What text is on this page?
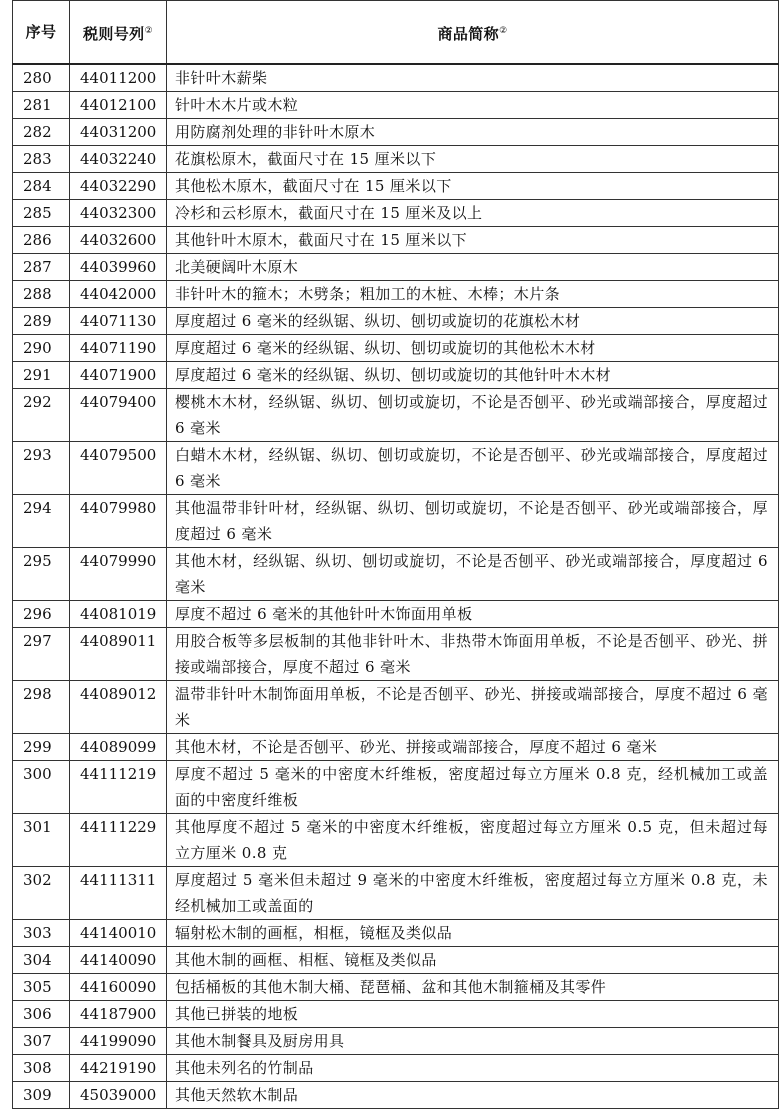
序号	税则号列②	商品简称②
280	44011200	非针叶木薪柴
281	44012100	针叶木木片或木粒
282	44031200	用防腐剂处理的非针叶木原木
283	44032240	花旗松原木，截面尺寸在 15 厘米以下
284	44032290	其他松木原木，截面尺寸在 15 厘米以下
285	44032300	冷杉和云杉原木，截面尺寸在 15 厘米及以上
286	44032600	其他针叶木原木，截面尺寸在 15 厘米以下
287	44039960	北美硬阔叶木原木
288	44042000	非针叶木的箍木；木劈条；粗加工的木桩、木棒；木片条
289	44071130	厚度超过 6 毫米的经纵锯、纵切、刨切或旋切的花旗松木材
290	44071190	厚度超过 6 毫米的经纵锯、纵切、刨切或旋切的其他松木木材
291	44071900	厚度超过 6 毫米的经纵锯、纵切、刨切或旋切的其他针叶木木材
292	44079400	樱桃木木材，经纵锯、纵切、刨切或旋切，不论是否刨平、砂光或端部接合，厚度超过 6 毫米
293	44079500	白蜡木木材，经纵锯、纵切、刨切或旋切，不论是否刨平、砂光或端部接合，厚度超过 6 毫米
294	44079980	其他温带非针叶材，经纵锯、纵切、刨切或旋切，不论是否刨平、砂光或端部接合，厚度超过 6 毫米
295	44079990	其他木材，经纵锯、纵切、刨切或旋切，不论是否刨平、砂光或端部接合，厚度超过 6 毫米
296	44081019	厚度不超过 6 毫米的其他针叶木饰面用单板
297	44089011	用胶合板等多层板制的其他非针叶木、非热带木饰面用单板，不论是否刨平、砂光、拼接或端部接合，厚度不超过 6 毫米
298	44089012	温带非针叶木制饰面用单板，不论是否刨平、砂光、拼接或端部接合，厚度不超过 6 毫米
299	44089099	其他木材，不论是否刨平、砂光、拼接或端部接合，厚度不超过 6 毫米
300	44111219	厚度不超过 5 毫米的中密度木纤维板，密度超过每立方厘米 0.8 克，经机械加工或盖面的中密度纤维板
301	44111229	其他厚度不超过 5 毫米的中密度木纤维板，密度超过每立方厘米 0.5 克，但未超过每立方厘米 0.8 克
302	44111311	厚度超过 5 毫米但未超过 9 毫米的中密度木纤维板，密度超过每立方厘米 0.8 克，未经机械加工或盖面的
303	44140010	辐射松木制的画框，相框，镜框及类似品
304	44140090	其他木制的画框、相框、镜框及类似品
305	44160090	包括桶板的其他木制大桶、琵琶桶、盆和其他木制箍桶及其零件
306	44187900	其他已拼装的地板
307	44199090	其他木制餐具及厨房用具
308	44219190	其他未列名的竹制品
309	45039000	其他天然软木制品
